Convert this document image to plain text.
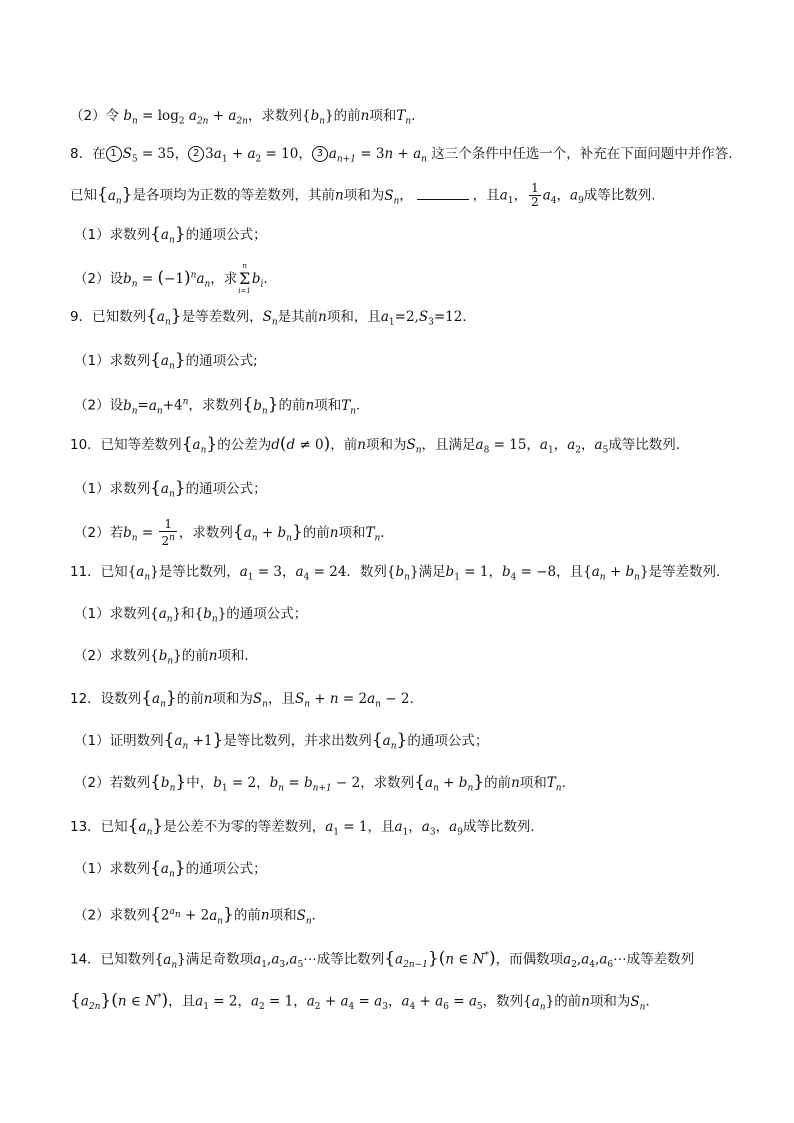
（2）令 $b_n = \log_2 a_{2n} + a_{2n}$，求数列$\{b_n\}$的前n项和$T_n$.
8．在 1 $S_5 = 35$， 2 $3a_1 + a_2 = 10$， 3 $a_{n+1} = 3n + a_n$ 这三个条件中任选一个，补充在下面问题中并作答.
已知$\{a_n\}$是各项均为正数的等差数列，其前n项和为$S_n$，	，且$a_1$， $\frac{1}{2} a_4$，$a_9$成等比数列.
（1）求数列$\{a_n\}$的通项公式；
（2）设$b_n = (-1)^na_n$，求
n
Σ
i=1
$b_i$.
9．已知数列$\{a_n\}$是等差数列，$S_n$是其前n项和，且$a_1=2,S_3=12$．
（1）求数列$\{a_n\}$的通项公式;
（2）设$b_n=a_n+4^n$，求数列$\{b_n\}$的前n项和$T_n$．
10．已知等差数列$\{a_n\}$的公差为d(d ≠ 0)，前n项和为$S_n$，且满足$a_8 = 15$，$a_1$，$a_2$，$a_5$成等比数列.
（1）求数列$\{a_n\}$的通项公式；
（2）若$b_n = \frac{1}{2^n}$ ，求数列$\{a_n + b_n\}$的前n项和$T_n$．
11．已知$\{a_n\}$是等比数列，$a_1 = 3$，$a_4 = 24$．数列$\{b_n\}$满足$b_1 = 1$，$b_4 = -8$，且$\{a_n + b_n\}$是等差数列.
（1）求数列$\{a_n\}$和$\{b_n\}$的通项公式；
（2）求数列$\{b_n\}$的前n项和.
12．设数列$\{a_n\}$的前n项和为$S_n$，且$S_n + n = 2a_n - 2$．
（1）证明数列$\{a_n +1\}$是等比数列，并求出数列$\{a_n\}$的通项公式；
（2）若数列$\{b_n\}$中，$b_1 = 2$，$b_n = b_{n+1} - 2$，求数列$\{a_n + b_n\}$的前n项和$T_n$．
13．已知$\{a_n\}$是公差不为零的等差数列，$a_1 = 1$，且$a_1$，$a_3$，$a_9$成等比数列.
（1）求数列$\{a_n\}$的通项公式；
（2）求数列$\{2^{a_n} + 2a_n\}$的前n项和$S_n$．
14．已知数列$\{a_n\}$满足奇数项$a_1,a_3,a_5\cdots$成等比数列$\{a_{2n-1}\}(n$ ∈ N*)，而偶数项$a_2,a_4,a_6\cdots$成等差数列
$\{a_{2n}\}(n$ ∈ N*)，且$a_1 = 2$，$a_2 = 1$，$a_2 + a_4 = a_3$，$a_4 + a_6 = a_5$，数列$\{a_n\}$的前n项和为$S_n$．
